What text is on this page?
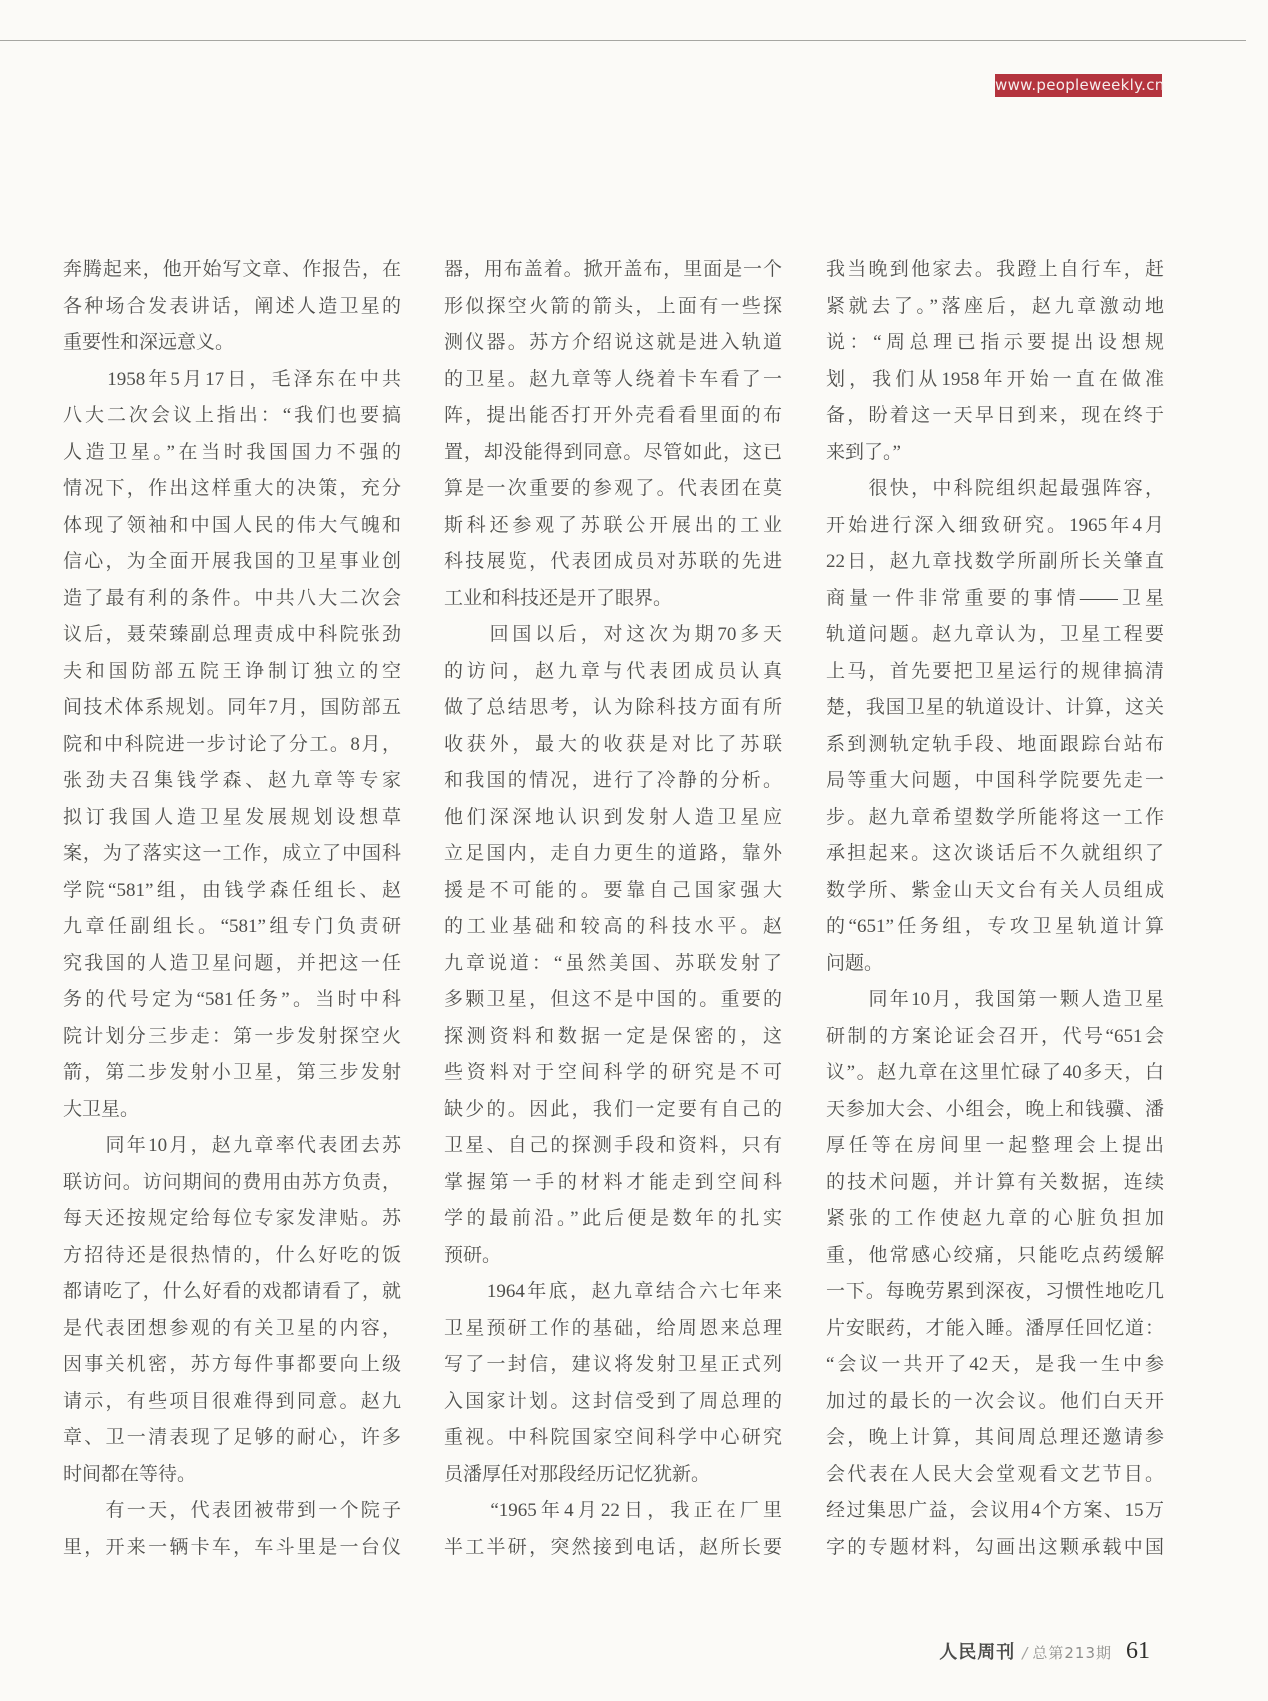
www.peopleweekly.cn
奔腾起来，他开始写文章、作报告，在
各种场合发表讲话，阐述人造卫星的
重要性和深远意义。
　　1958年5月17日，毛泽东在中共
八大二次会议上指出：“我们也要搞
人造卫星。”在当时我国国力不强的
情况下，作出这样重大的决策，充分
体现了领袖和中国人民的伟大气魄和
信心，为全面开展我国的卫星事业创
造了最有利的条件。中共八大二次会
议后，聂荣臻副总理责成中科院张劲
夫和国防部五院王诤制订独立的空
间技术体系规划。同年7月，国防部五
院和中科院进一步讨论了分工。8月，
张劲夫召集钱学森、赵九章等专家
拟订我国人造卫星发展规划设想草
案，为了落实这一工作，成立了中国科
学院“581”组，由钱学森任组长、赵
九章任副组长。“581”组专门负责研
究我国的人造卫星问题，并把这一任
务的代号定为“581任务”。当时中科
院计划分三步走：第一步发射探空火
箭，第二步发射小卫星，第三步发射
大卫星。
　　同年10月，赵九章率代表团去苏
联访问。访问期间的费用由苏方负责，
每天还按规定给每位专家发津贴。苏
方招待还是很热情的，什么好吃的饭
都请吃了，什么好看的戏都请看了，就
是代表团想参观的有关卫星的内容，
因事关机密，苏方每件事都要向上级
请示，有些项目很难得到同意。赵九
章、卫一清表现了足够的耐心，许多
时间都在等待。
　　有一天，代表团被带到一个院子
里，开来一辆卡车，车斗里是一台仪
器，用布盖着。掀开盖布，里面是一个
形似探空火箭的箭头，上面有一些探
测仪器。苏方介绍说这就是进入轨道
的卫星。赵九章等人绕着卡车看了一
阵，提出能否打开外壳看看里面的布
置，却没能得到同意。尽管如此，这已
算是一次重要的参观了。代表团在莫
斯科还参观了苏联公开展出的工业
科技展览，代表团成员对苏联的先进
工业和科技还是开了眼界。
　　回国以后，对这次为期70多天
的访问，赵九章与代表团成员认真
做了总结思考，认为除科技方面有所
收获外，最大的收获是对比了苏联
和我国的情况，进行了冷静的分析。
他们深深地认识到发射人造卫星应
立足国内，走自力更生的道路，靠外
援是不可能的。要靠自己国家强大
的工业基础和较高的科技水平。赵
九章说道：“虽然美国、苏联发射了
多颗卫星，但这不是中国的。重要的
探测资料和数据一定是保密的，这
些资料对于空间科学的研究是不可
缺少的。因此，我们一定要有自己的
卫星、自己的探测手段和资料，只有
掌握第一手的材料才能走到空间科
学的最前沿。”此后便是数年的扎实
预研。
　　1964年底，赵九章结合六七年来
卫星预研工作的基础，给周恩来总理
写了一封信，建议将发射卫星正式列
入国家计划。这封信受到了周总理的
重视。中科院国家空间科学中心研究
员潘厚任对那段经历记忆犹新。
　　“1965年4月22日，我正在厂里
半工半研，突然接到电话，赵所长要
我当晚到他家去。我蹬上自行车，赶
紧就去了。”落座后，赵九章激动地
说：“周总理已指示要提出设想规
划，我们从1958年开始一直在做准
备，盼着这一天早日到来，现在终于
来到了。”
　　很快，中科院组织起最强阵容，
开始进行深入细致研究。1965年4月
22日，赵九章找数学所副所长关肇直
商量一件非常重要的事情——卫星
轨道问题。赵九章认为，卫星工程要
上马，首先要把卫星运行的规律搞清
楚，我国卫星的轨道设计、计算，这关
系到测轨定轨手段、地面跟踪台站布
局等重大问题，中国科学院要先走一
步。赵九章希望数学所能将这一工作
承担起来。这次谈话后不久就组织了
数学所、紫金山天文台有关人员组成
的“651”任务组，专攻卫星轨道计算
问题。
　　同年10月，我国第一颗人造卫星
研制的方案论证会召开，代号“651会
议”。赵九章在这里忙碌了40多天，白
天参加大会、小组会，晚上和钱骥、潘
厚任等在房间里一起整理会上提出
的技术问题，并计算有关数据，连续
紧张的工作使赵九章的心脏负担加
重，他常感心绞痛，只能吃点药缓解
一下。每晚劳累到深夜，习惯性地吃几
片安眠药，才能入睡。潘厚任回忆道：
“会议一共开了42天，是我一生中参
加过的最长的一次会议。他们白天开
会，晚上计算，其间周总理还邀请参
会代表在人民大会堂观看文艺节目。
经过集思广益，会议用4个方案、15万
字的专题材料，勾画出这颗承载中国
人民周刊 / 总第213期 61
